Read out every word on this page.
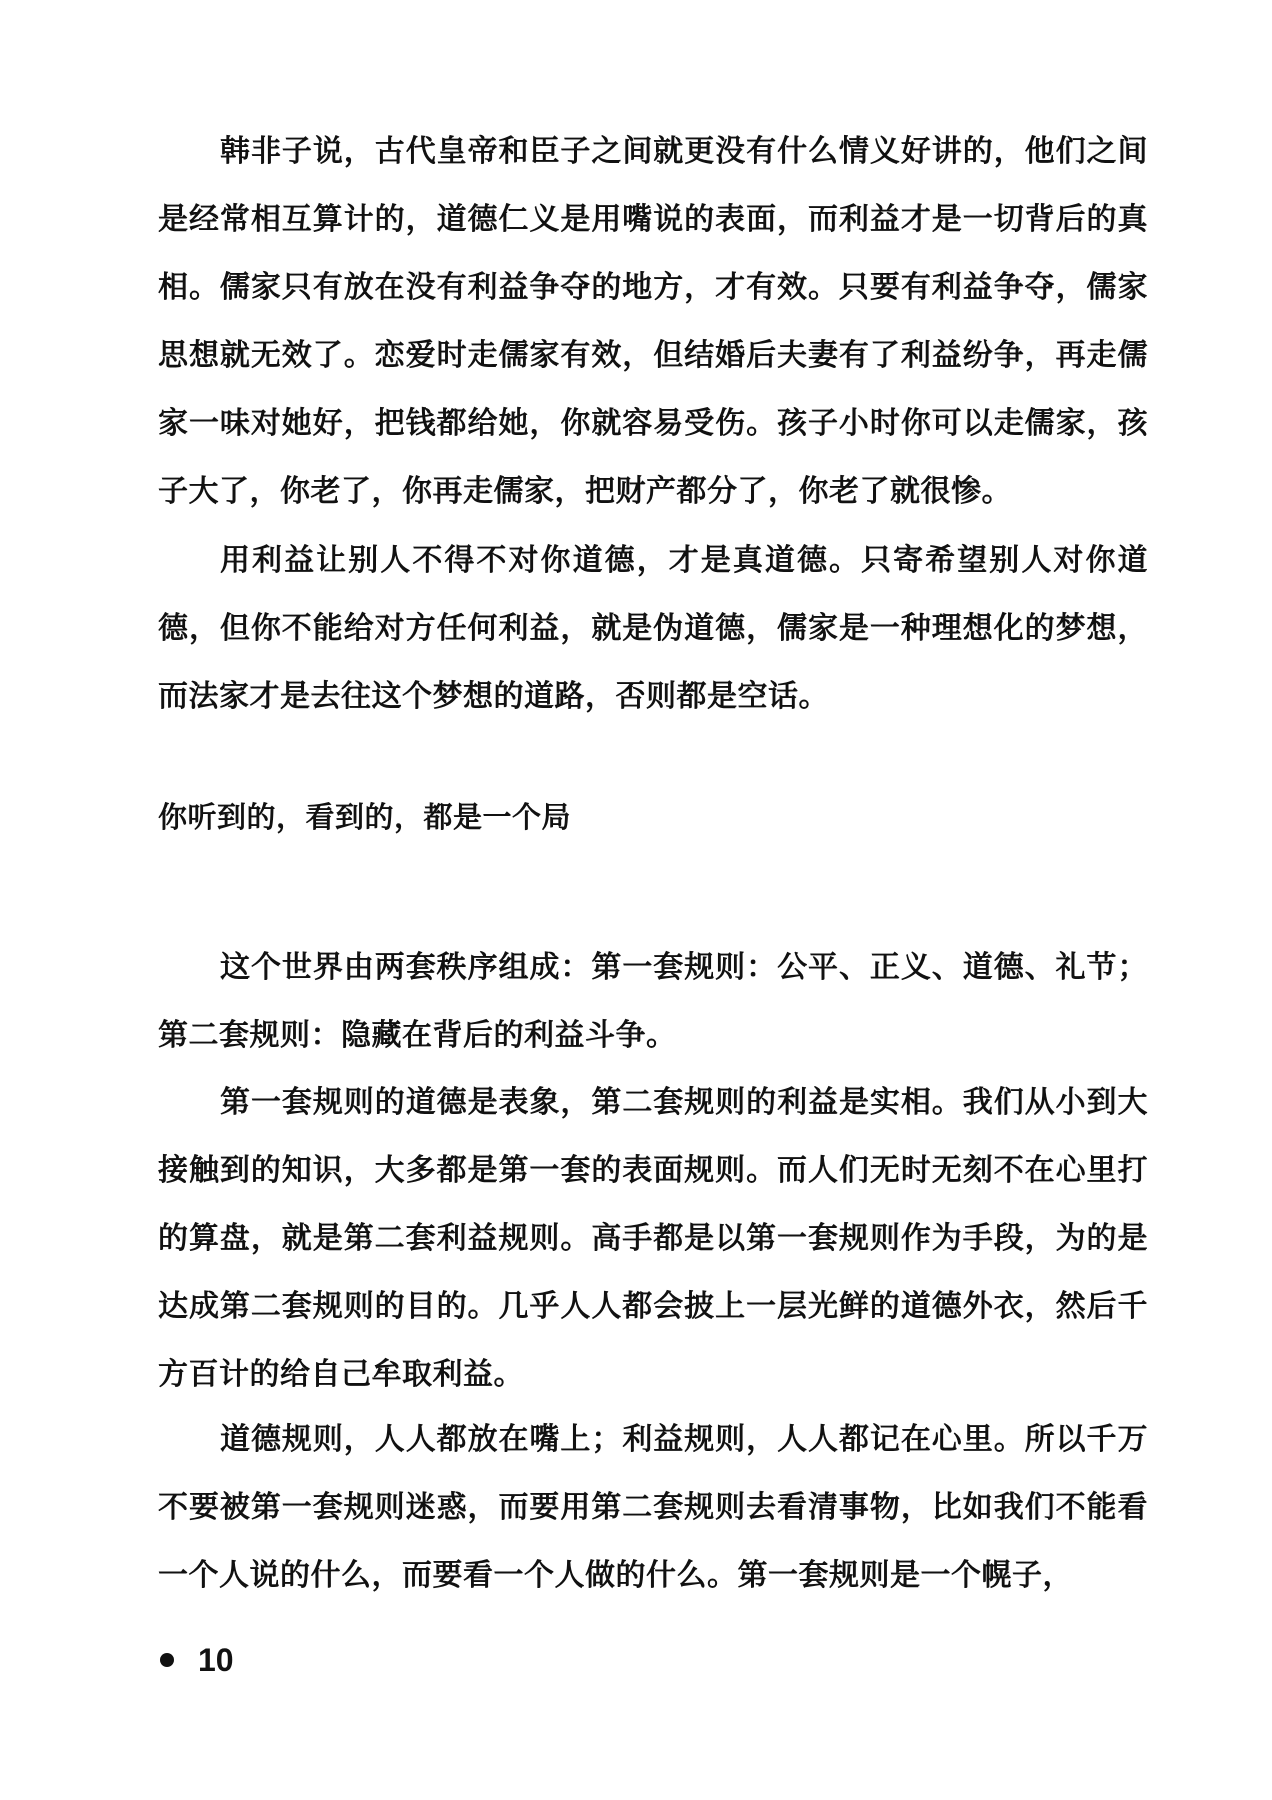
韩非子说，古代皇帝和臣子之间就更没有什么情义好讲的，他们之间是经常相互算计的，道德仁义是用嘴说的表面，而利益才是一切背后的真相。儒家只有放在没有利益争夺的地方，才有效。只要有利益争夺，儒家思想就无效了。恋爱时走儒家有效，但结婚后夫妻有了利益纷争，再走儒家一味对她好，把钱都给她，你就容易受伤。孩子小时你可以走儒家，孩子大了，你老了，你再走儒家，把财产都分了，你老了就很惨。

用利益让别人不得不对你道德，才是真道德。只寄希望别人对你道德，但你不能给对方任何利益，就是伪道德，儒家是一种理想化的梦想，而法家才是去往这个梦想的道路，否则都是空话。

你听到的，看到的，都是一个局

这个世界由两套秩序组成：第一套规则：公平、正义、道德、礼节；第二套规则：隐藏在背后的利益斗争。

第一套规则的道德是表象，第二套规则的利益是实相。我们从小到大接触到的知识，大多都是第一套的表面规则。而人们无时无刻不在心里打的算盘，就是第二套利益规则。高手都是以第一套规则作为手段，为的是达成第二套规则的目的。几乎人人都会披上一层光鲜的道德外衣，然后千方百计的给自己牟取利益。

道德规则，人人都放在嘴上；利益规则，人人都记在心里。所以千万不要被第一套规则迷惑，而要用第二套规则去看清事物，比如我们不能看一个人说的什么，而要看一个人做的什么。第一套规则是一个幌子，

10
